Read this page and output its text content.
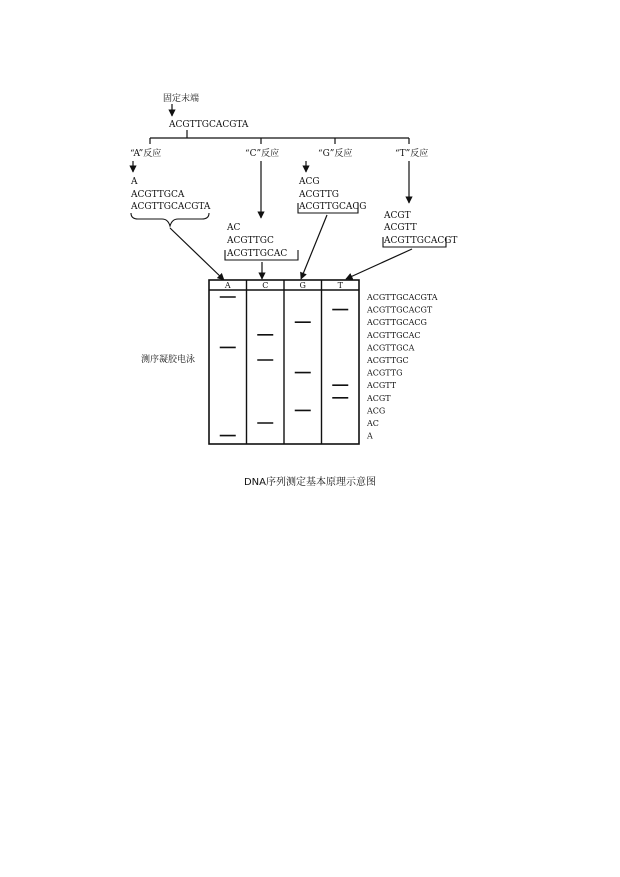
固定末端
ACGTTGCACGTA
“A”反应	“C”反应	“G”反应	“T”反应
A
ACGTTGCA
ACGTTGCACGTA
AC
ACGTTGC
ACGTTGCAC
ACG
ACGTTG
ACGTTGCACG
ACGT
ACGTT
ACGTTGCACGT
A	C	G	T
ACGTTGCACGTA
ACGTTGCACGT
ACGTTGCACG
ACGTTGCAC
ACGTTGCA
ACGTTGC
ACGTTG
ACGTT
ACGT
ACG
AC
A
测序凝胶电泳
DNA序列测定基本原理示意图
